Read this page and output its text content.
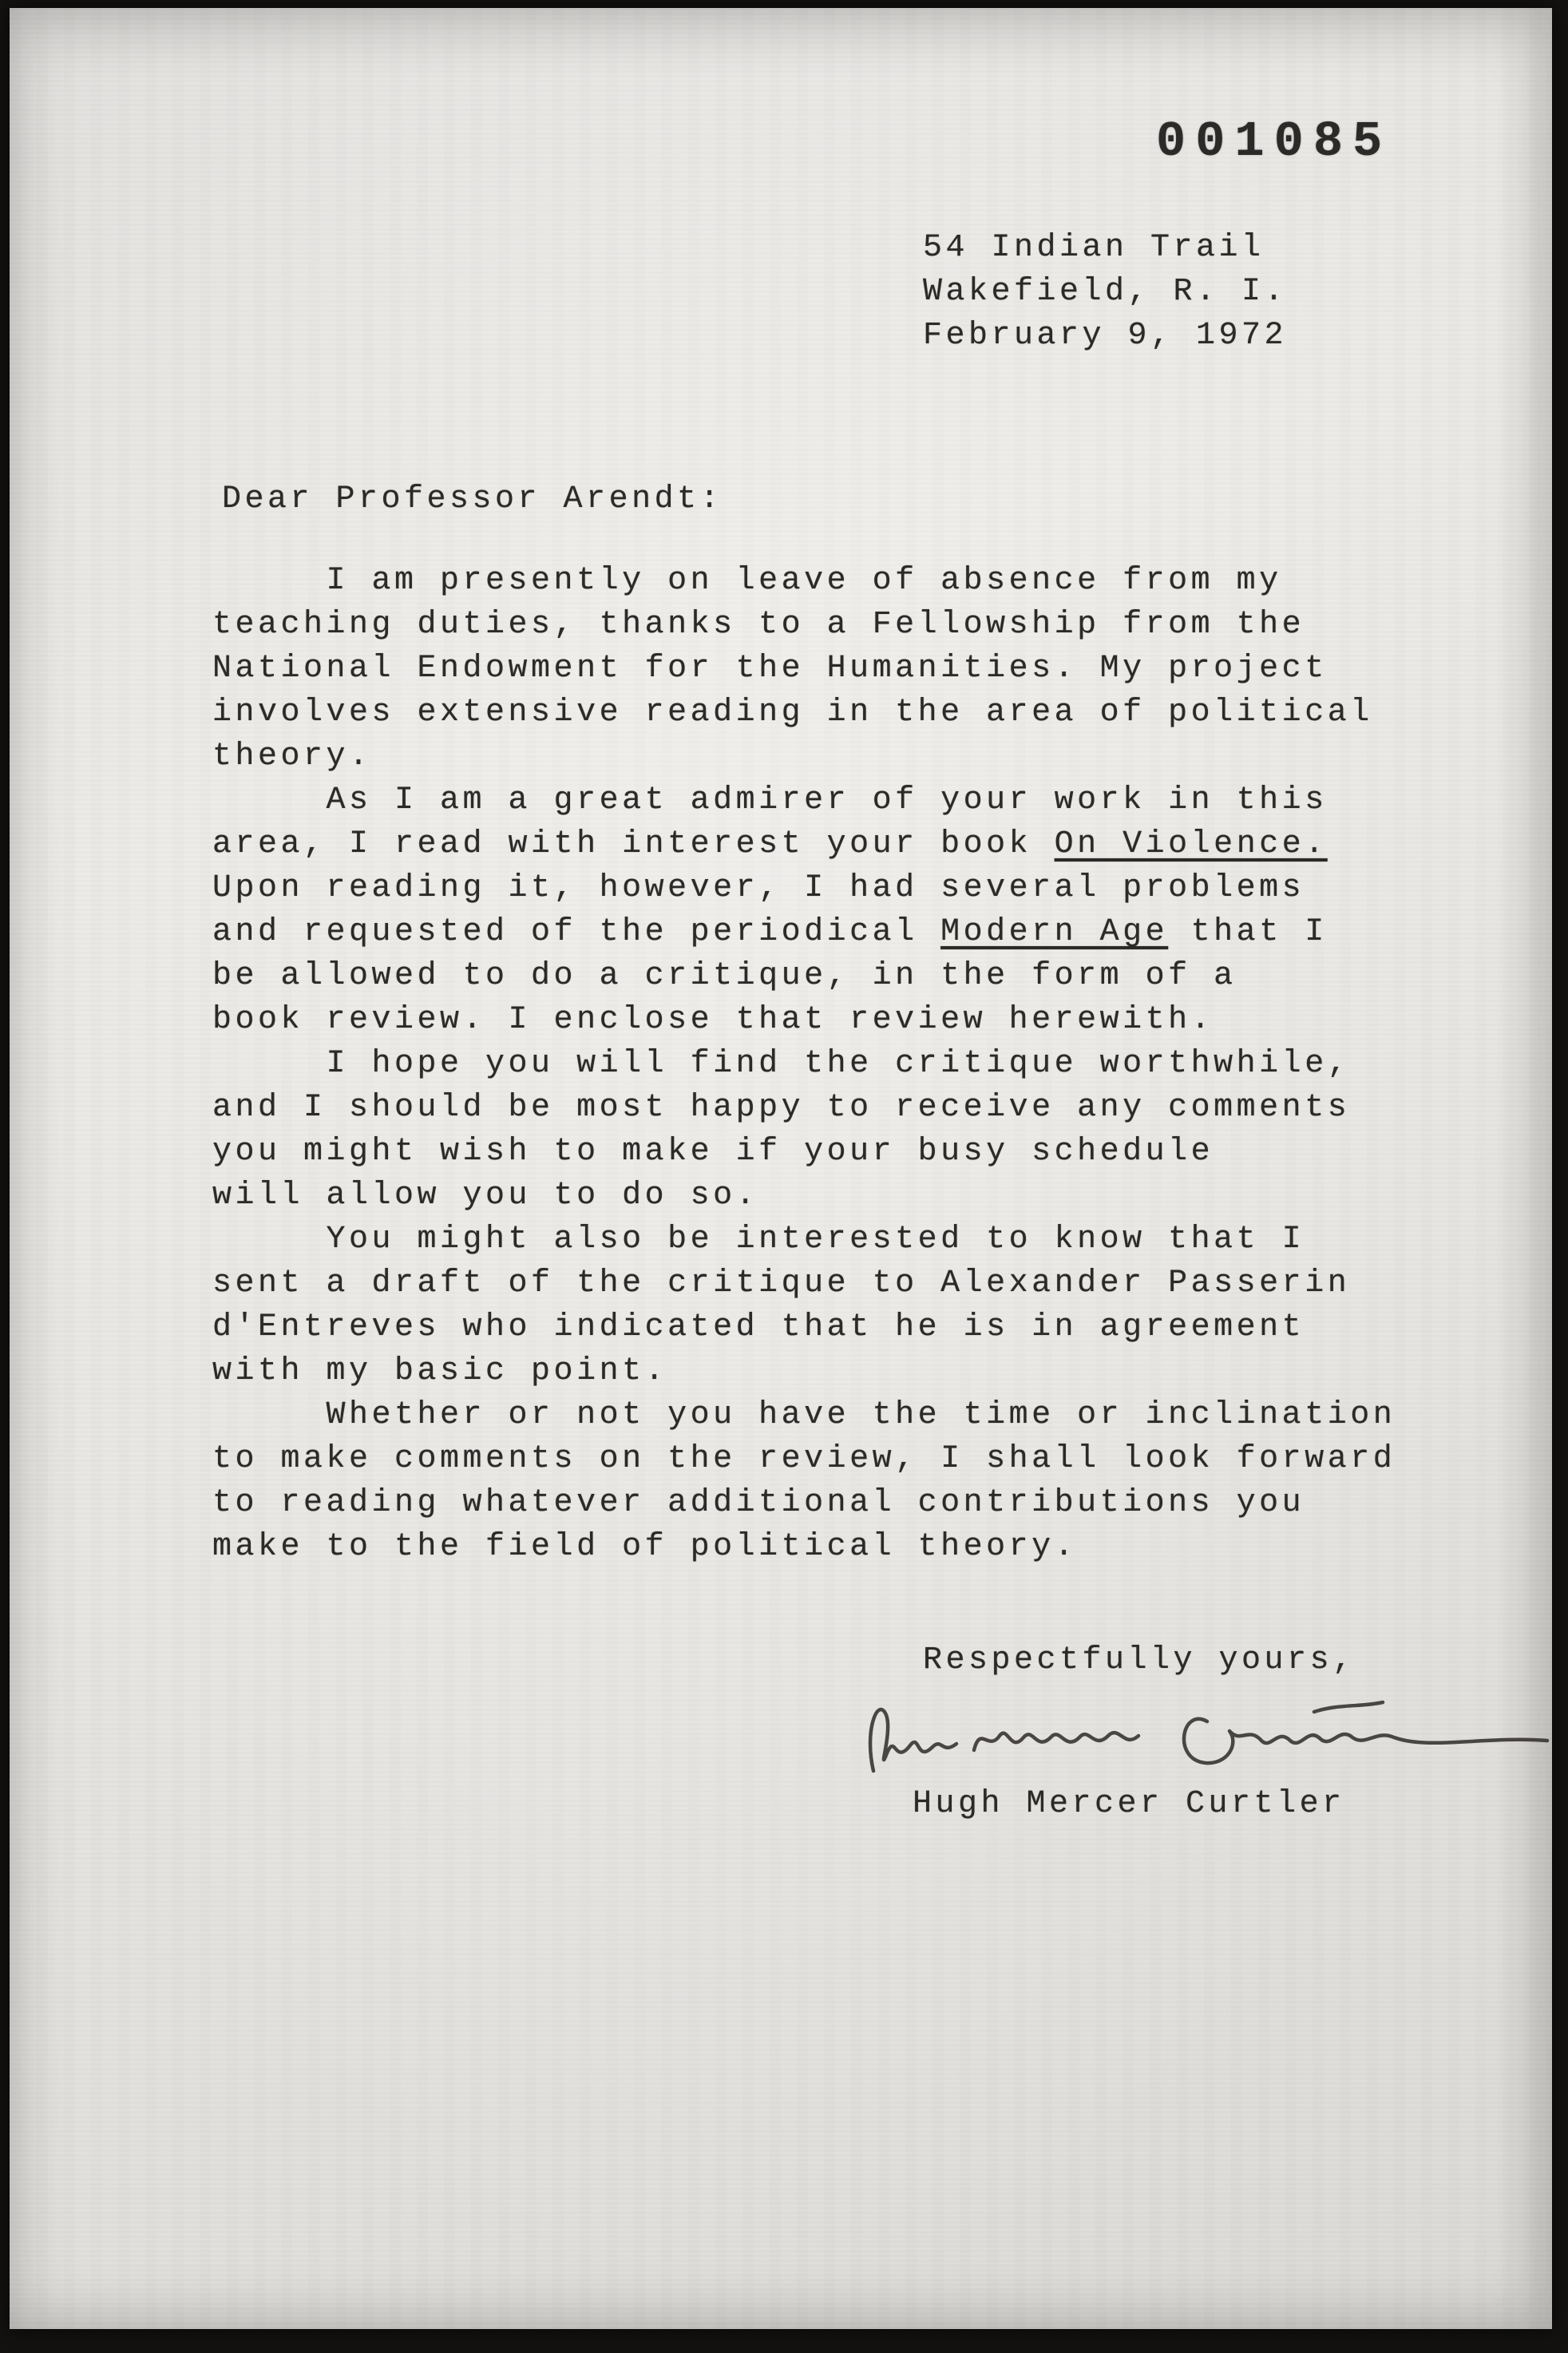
001085
54 Indian Trail
Wakefield, R. I.
February 9, 1972
Dear Professor Arendt:
I am presently on leave of absence from my
teaching duties, thanks to a Fellowship from the
National Endowment for the Humanities. My project
involves extensive reading in the area of political
theory.
As I am a great admirer of your work in this
area, I read with interest your book On Violence.
Upon reading it, however, I had several problems
and requested of the periodical Modern Age that I
be allowed to do a critique, in the form of a
book review. I enclose that review herewith.
I hope you will find the critique worthwhile,
and I should be most happy to receive any comments
you might wish to make if your busy schedule
will allow you to do so.
You might also be interested to know that I
sent a draft of the critique to Alexander Passerin
d'Entreves who indicated that he is in agreement
with my basic point.
Whether or not you have the time or inclination
to make comments on the review, I shall look forward
to reading whatever additional contributions you
make to the field of political theory.
Respectfully yours,
Hugh Mercer Curtler
